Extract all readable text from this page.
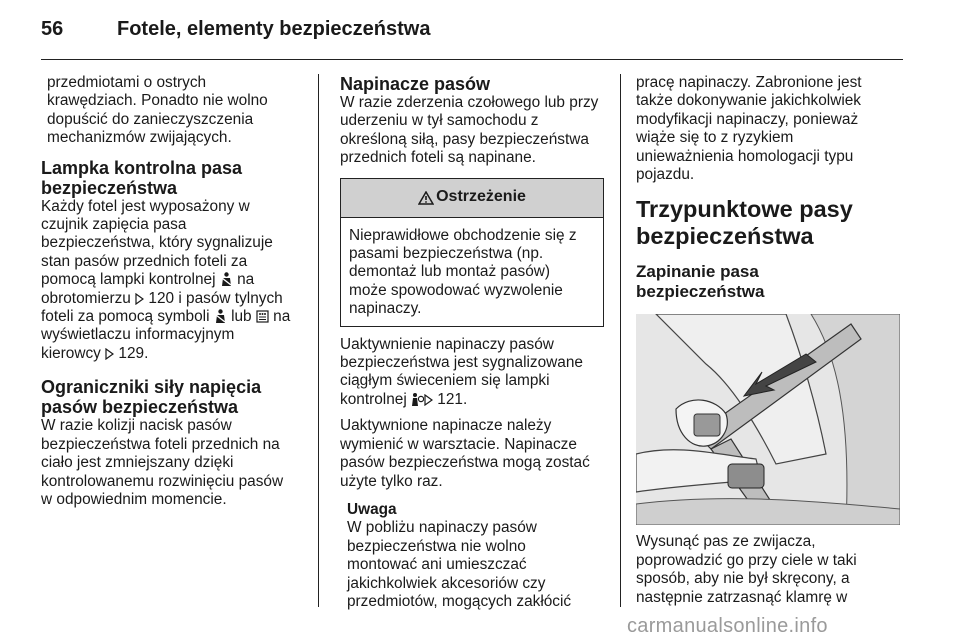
56	Fotele, elementy bezpieczeństwa

przedmiotami o ostrych

krawędziach. Ponadto nie wolno

dopuścić do zanieczyszczenia

mechanizmów zwijających.

Lampka kontrolna pasa
bezpieczeństwa

Każdy fotel jest wyposażony w

czujnik zapięcia pasa

bezpieczeństwa, który sygnalizuje

stan pasów przednich foteli za

pomocą lampki kontrolnej  na

obrotomierzu  120 i pasów tylnych

foteli za pomocą symboli  lub  na

wyświetlaczu informacyjnym

kierowcy  129.

Ograniczniki siły napięcia
pasów bezpieczeństwa

W razie kolizji nacisk pasów

bezpieczeństwa foteli przednich na

ciało jest zmniejszany dzięki

kontrolowanemu rozwinięciu pasów

w odpowiednim momencie.

Napinacze pasów

W razie zderzenia czołowego lub przy

uderzeniu w tył samochodu z

określoną siłą, pasy bezpieczeństwa

przednich foteli są napinane.

Ostrzeżenie

Nieprawidłowe obchodzenie się z

pasami bezpieczeństwa (np.

demontaż lub montaż pasów)

może spowodować wyzwolenie

napinaczy.

Uaktywnienie napinaczy pasów

bezpieczeństwa jest sygnalizowane

ciągłym świeceniem się lampki

kontrolnej  121.

Uaktywnione napinacze należy

wymienić w warsztacie. Napinacze

pasów bezpieczeństwa mogą zostać

użyte tylko raz.

Uwaga

W pobliżu napinaczy pasów

bezpieczeństwa nie wolno

montować ani umieszczać

jakichkolwiek akcesoriów czy

przedmiotów, mogących zakłócić

pracę napinaczy. Zabronione jest

także dokonywanie jakichkolwiek

modyfikacji napinaczy, ponieważ

wiąże się to z ryzykiem

unieważnienia homologacji typu

pojazdu.

Trzypunktowe pasy
bezpieczeństwa

Zapinanie pasa
bezpieczeństwa

Wysunąć pas ze zwijacza,

poprowadzić go przy ciele w taki

sposób, aby nie był skręcony, a

następnie zatrzasnąć klamrę w

carmanualsonline.info
